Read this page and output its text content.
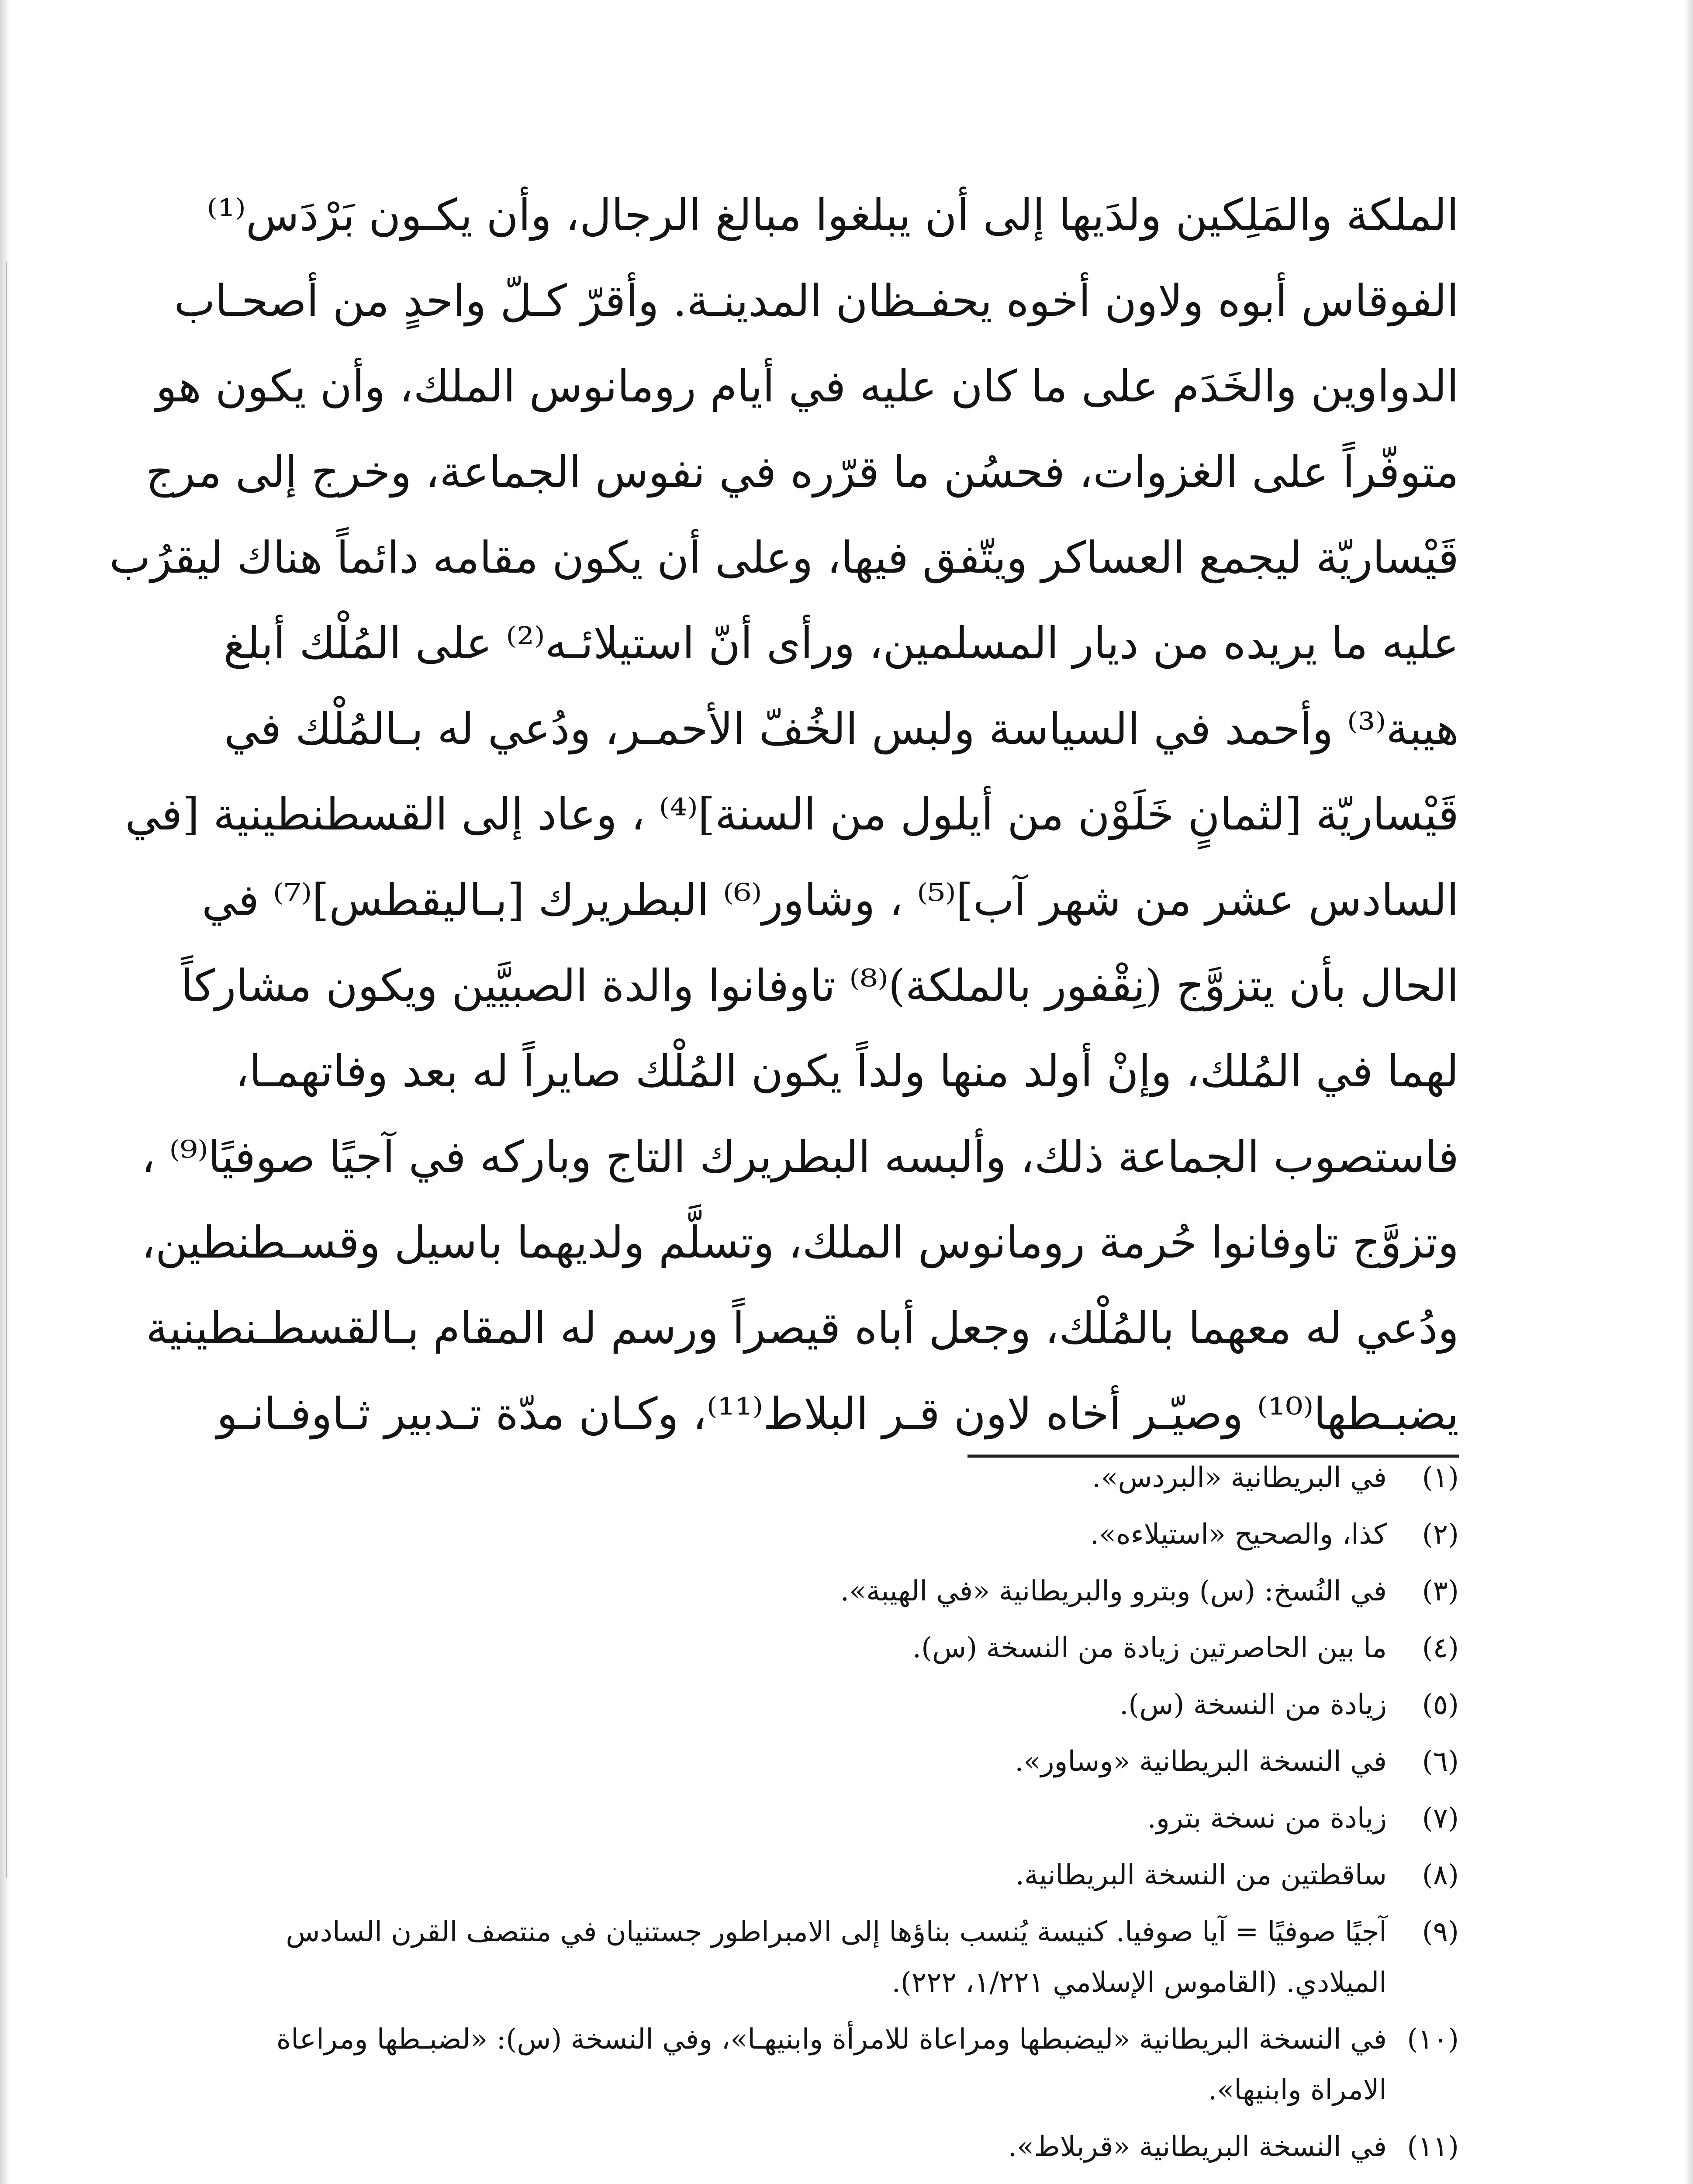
الملكة والمَلِكين ولدَيها إلى أن يبلغوا مبالغ الرجال، وأن يكـون بَرْدَس⁽¹⁾
الفوقاس أبوه ولاون أخوه يحفـظان المدينـة. وأقرّ كـلّ واحدٍ من أصحـاب
الدواوين والخَدَم على ما كان عليه في أيام رومانوس الملك، وأن يكون هو
متوفّراً على الغزوات، فحسُن ما قرّره في نفوس الجماعة، وخرج إلى مرج
قَيْساريّة ليجمع العساكر ويتّفق فيها، وعلى أن يكون مقامه دائماً هناك ليقرُب
عليه ما يريده من ديار المسلمين، ورأى أنّ استيلائـه⁽²⁾ على المُلْك أبلغ
هيبة⁽³⁾ وأحمد في السياسة ولبس الخُفّ الأحمـر، ودُعي له بـالمُلْك في
قَيْساريّة [لثمانٍ خَلَوْن من أيلول من السنة]⁽⁴⁾ ، وعاد إلى القسطنطينية [في
السادس عشر من شهر آب]⁽⁵⁾ ، وشاور⁽⁶⁾ البطريرك [بـاليقطس]⁽⁷⁾ في
الحال بأن يتزوَّج (نِقْفور بالملكة)⁽⁸⁾ تاوفانوا والدة الصبيَّين ويكون مشاركاً
لهما في المُلك، وإنْ أولد منها ولداً يكون المُلْك صايراً له بعد وفاتهمـا،
فاستصوب الجماعة ذلك، وألبسه البطريرك التاج وباركه في آجيًا صوفيًا⁽⁹⁾ ،
وتزوَّج تاوفانوا حُرمة رومانوس الملك، وتسلَّم ولديهما باسيل وقسـطنطين،
ودُعي له معهما بالمُلْك، وجعل أباه قيصراً ورسم له المقام بـالقسطـنطينية
يضبـطها⁽¹⁰⁾ وصيّـر أخاه لاون قـر البلاط⁽¹¹⁾، وكـان مدّة تـدبير ثـاوفـانـو
(١)
في البريطانية «البردس».
(٢)
كذا، والصحيح «استيلاءه».
(٣)
في النُسخ: (س) وبترو والبريطانية «في الهيبة».
(٤)
ما بين الحاصرتين زيادة من النسخة (س).
(٥)
زيادة من النسخة (س).
(٦)
في النسخة البريطانية «وساور».
(٧)
زيادة من نسخة بترو.
(٨)
ساقطتين من النسخة البريطانية.
(٩)
آجيًا صوفيًا = آيا صوفيا. كنيسة يُنسب بناؤها إلى الامبراطور جستنيان في منتصف القرن السادس الميلادي. (القاموس الإسلامي ١/٢٢١، ٢٢٢).
(١٠)
في النسخة البريطانية «ليضبطها ومراعاة للامرأة وابنيهـا»، وفي النسخة (س): «لضبـطها ومراعاة الامراة وابنيها».
(١١)
في النسخة البريطانية «قربلاط».
